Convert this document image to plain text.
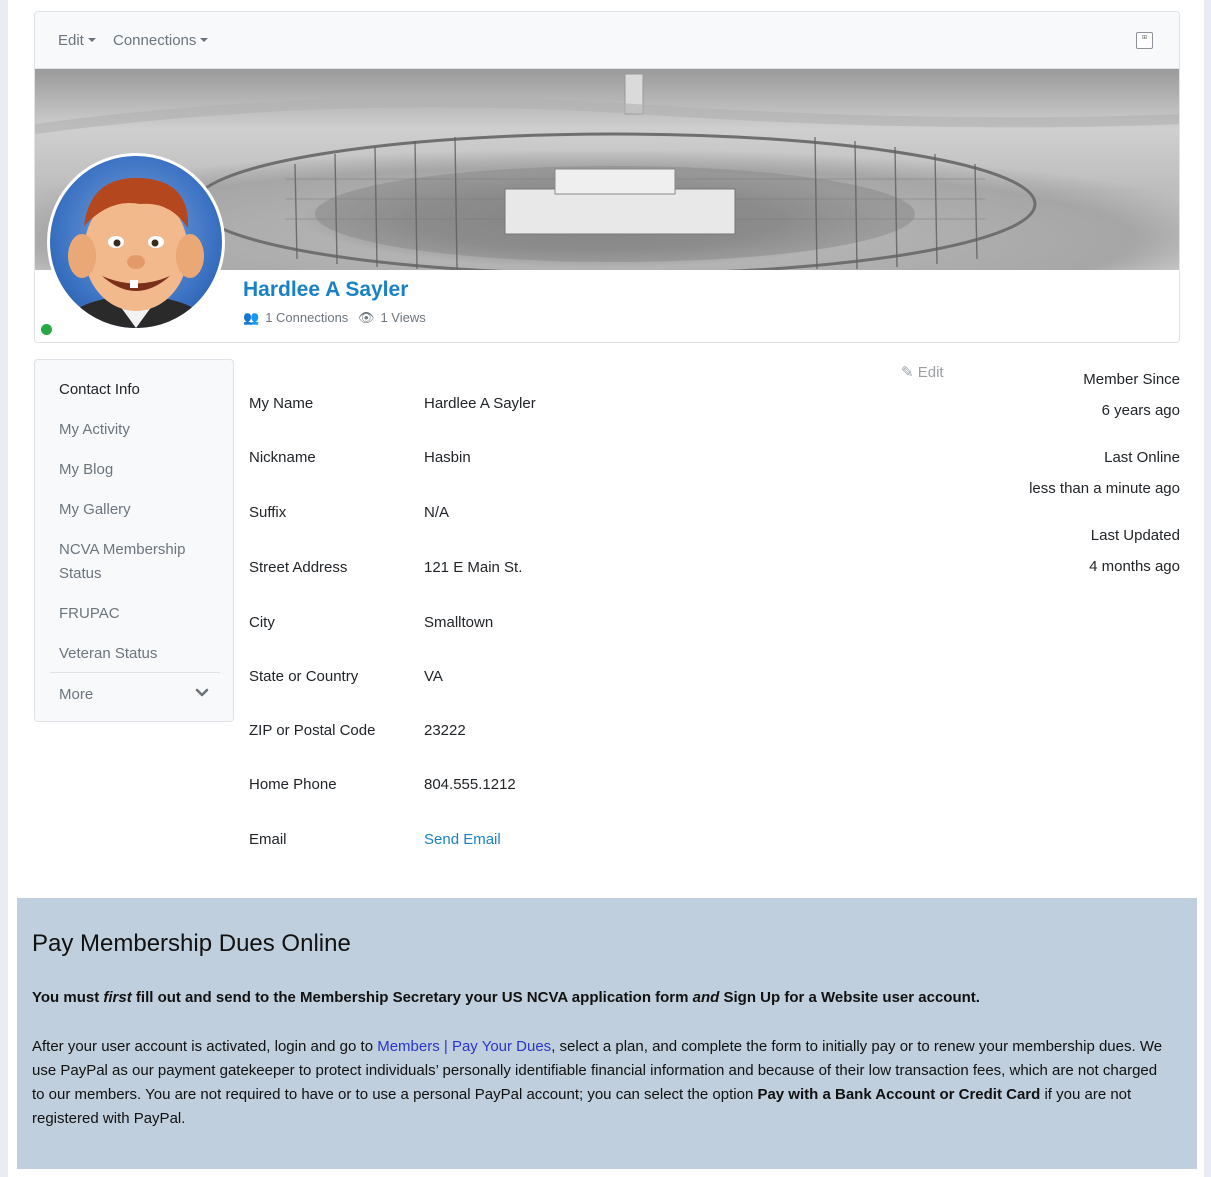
Edit	Connections	⊞
Hardlee A Sayler
👥 1 Connections 👁 1 Views
Contact Info
My Activity
My Blog
My Gallery
NCVA Membership Status
FRUPAC
Veteran Status
More
✎ Edit
My Name	Hardlee A Sayler
Nickname	Hasbin
Suffix	N/A
Street Address	121 E Main St.
City	Smalltown
State or Country	VA
ZIP or Postal Code	23222
Home Phone	804.555.1212
Email	Send Email
Member Since
6 years ago
Last Online
less than a minute ago
Last Updated
4 months ago
Pay Membership Dues Online
You must first fill out and send to the Membership Secretary your US NCVA application form and Sign Up for a Website user account.
After your user account is activated, login and go to Members | Pay Your Dues, select a plan, and complete the form to initially pay or to renew your membership dues. We use PayPal as our payment gatekeeper to protect individuals’ personally identifiable financial information and because of their low transaction fees, which are not charged to our members. You are not required to have or to use a personal PayPal account; you can select the option Pay with a Bank Account or Credit Card if you are not registered with PayPal.
